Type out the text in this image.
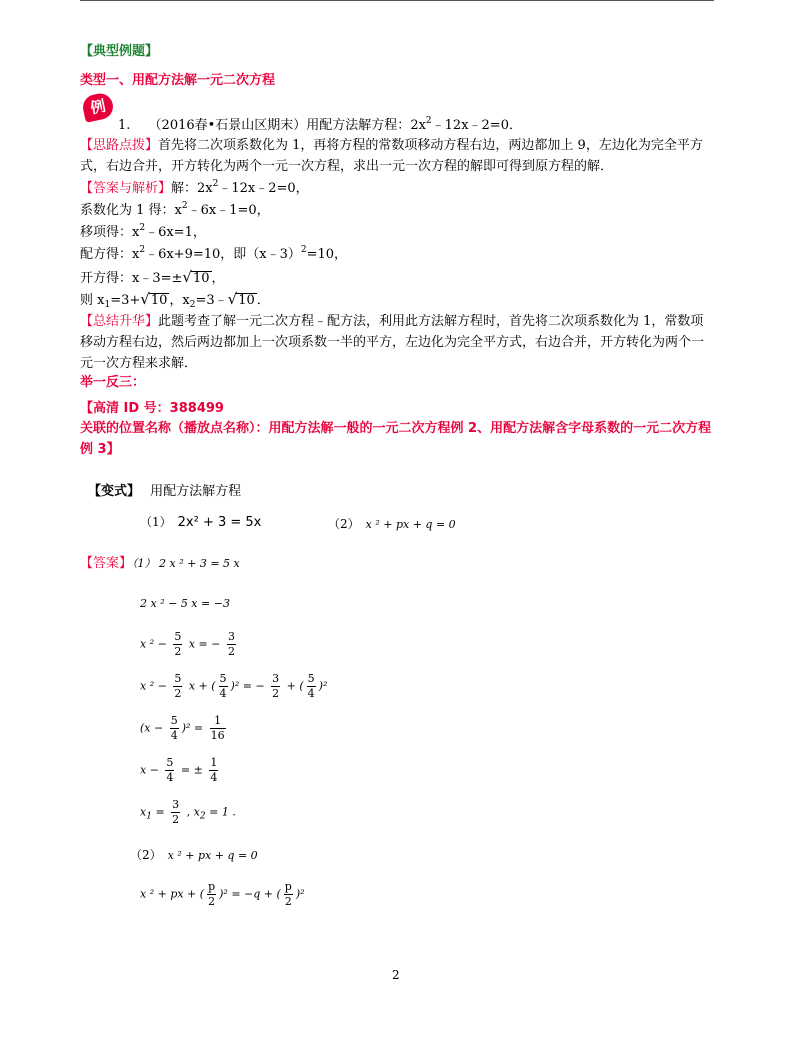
【典型例题】
类型一、用配方法解一元二次方程
例
1. （2016春•石景山区期末）用配方法解方程：$2x^2﹣12x﹣2=0$．
【思路点拨】首先将二次项系数化为 1，再将方程的常数项移动方程右边，两边都加上 9，左边化为完全平方式，右边合并，开方转化为两个一元一次方程，求出一元一次方程的解即可得到原方程的解．
【答案与解析】解：$2x^2﹣12x﹣2=0$，
系数化为 1 得：$x^2﹣6x﹣1=0$，
移项得：$x^2﹣6x=1$，
配方得：$x^2﹣6x+9=10$，即（x﹣3）$^2$=10，
开方得：x﹣3=±√10 ，
则 $x_1=3+√10$ ，$x_2=3﹣√10$ ．
【总结升华】此题考查了解一元二次方程﹣配方法，利用此方法解方程时，首先将二次项系数化为 1，常数项移动方程右边，然后两边都加上一次项系数一半的平方，左边化为完全平方式，右边合并，开方转化为两个一元一次方程来求解．
举一反三：
【高清 ID 号：388499
关联的位置名称（播放点名称）：用配方法解一般的一元二次方程例 2、用配方法解含字母系数的一元二次方程例 3】
【变式】 用配方法解方程
（1） 2x² + 3 = 5x	（2） x ² + px + q = 0
【答案】（1） 2 x ² + 3 = 5 x
2 x ² − 5 x = −3
x $^2 - \frac{5}{2}$ x = − $\frac{3}{2}$
x $^2 - \frac{5}{2}$ x + ( $\frac{5}{4} )^2$ = − $\frac{3}{2}$ + ( $\frac{5}{4} )^2$
$(x - \frac{5}{4} )^2 = \frac{1}{16}$
$x - \frac{5}{4}$ = ± $\frac{1}{4}$
$x_1 = \frac{3}{2}$ , $x_2 = 1$ .
（2） x ² + px + q = 0
x ² + px + ( $\frac{p}{2} )^2 = -q$ + ( $\frac{p}{2} )^2$
2
